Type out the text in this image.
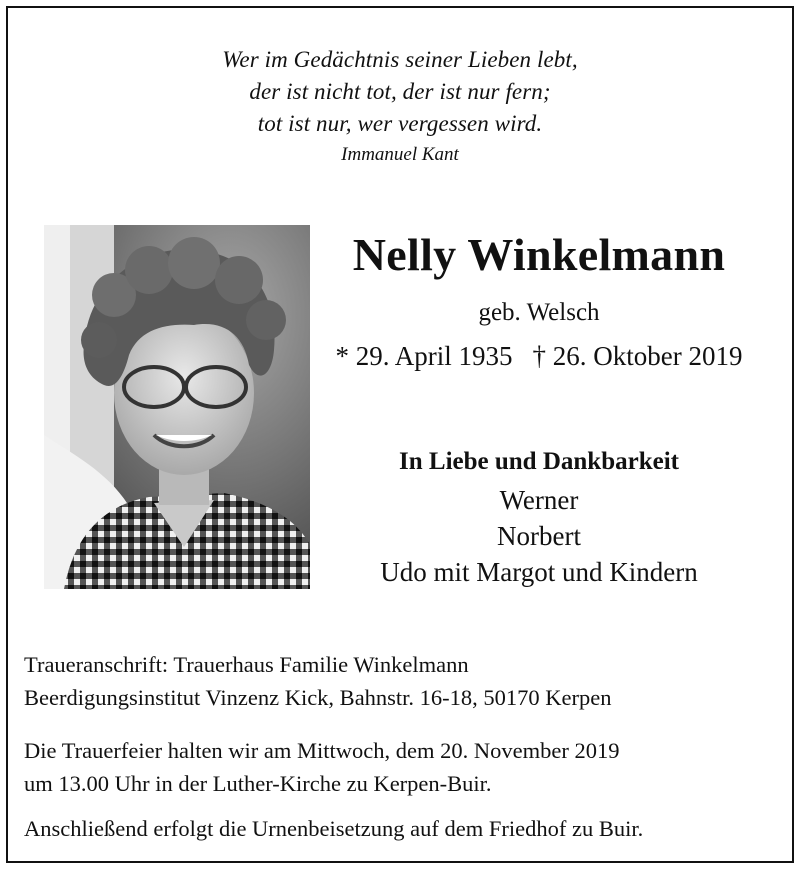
Wer im Gedächtnis seiner Lieben lebt,
der ist nicht tot, der ist nur fern;
tot ist nur, wer vergessen wird.
Immanuel Kant
Nelly Winkelmann
geb. Welsch
* 29. April 1935 † 26. Oktober 2019
In Liebe und Dankbarkeit
Werner
Norbert
Udo mit Margot und Kindern
Traueranschrift: Trauerhaus Familie Winkelmann
Beerdigungsinstitut Vinzenz Kick, Bahnstr. 16-18, 50170 Kerpen
Die Trauerfeier halten wir am Mittwoch, dem 20. November 2019
um 13.00 Uhr in der Luther-Kirche zu Kerpen-Buir.
Anschließend erfolgt die Urnenbeisetzung auf dem Friedhof zu Buir.
